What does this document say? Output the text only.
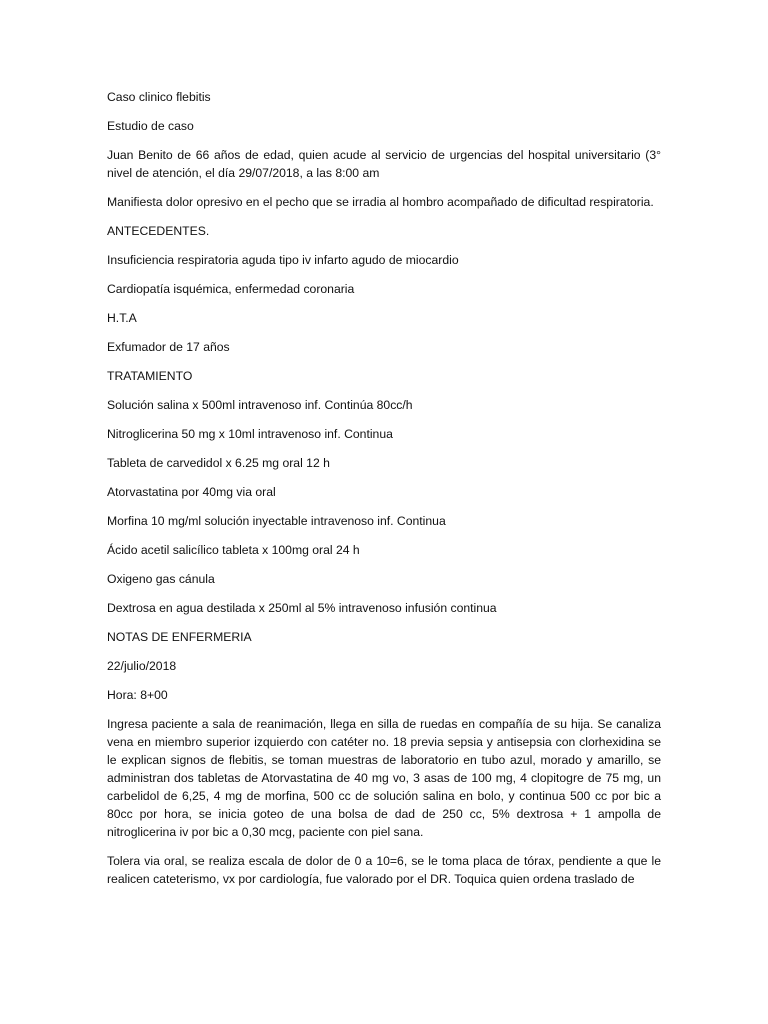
Caso clinico flebitis

Estudio de caso

Juan Benito de 66 años de edad, quien acude al servicio de urgencias del hospital universitario (3° nivel de atención, el día 29/07/2018, a las 8:00 am

Manifiesta dolor opresivo en el pecho que se irradia al hombro acompañado de dificultad respiratoria.

ANTECEDENTES.

Insuficiencia respiratoria aguda tipo iv infarto agudo de miocardio

Cardiopatía isquémica, enfermedad coronaria

H.T.A

Exfumador de 17 años

TRATAMIENTO

Solución salina x 500ml intravenoso inf. Continúa 80cc/h

Nitroglicerina 50 mg x 10ml intravenoso inf. Continua

Tableta de carvedidol x 6.25 mg oral 12 h

Atorvastatina por 40mg via oral

Morfina 10 mg/ml solución inyectable intravenoso inf. Continua

Ácido acetil salicílico tableta x 100mg oral 24 h

Oxigeno gas cánula

Dextrosa en agua destilada x 250ml al 5% intravenoso infusión continua

NOTAS DE ENFERMERIA

22/julio/2018

Hora: 8+00

Ingresa paciente a sala de reanimación, llega en silla de ruedas en compañía de su hija. Se canaliza vena en miembro superior izquierdo con catéter no. 18 previa sepsia y antisepsia con clorhexidina se le explican signos de flebitis, se toman muestras de laboratorio en tubo azul, morado y amarillo, se administran dos tabletas de Atorvastatina de 40 mg vo, 3 asas de 100 mg, 4 clopitogre de 75 mg, un carbelidol de 6,25, 4 mg de morfina, 500 cc de solución salina en bolo, y continua 500 cc por bic a 80cc por hora, se inicia goteo de una bolsa de dad de 250 cc, 5% dextrosa + 1 ampolla de nitroglicerina iv por bic a 0,30 mcg, paciente con piel sana.

Tolera via oral, se realiza escala de dolor de 0 a 10=6, se le toma placa de tórax, pendiente a que le realicen cateterismo, vx por cardiología, fue valorado por el DR. Toquica quien ordena traslado de
